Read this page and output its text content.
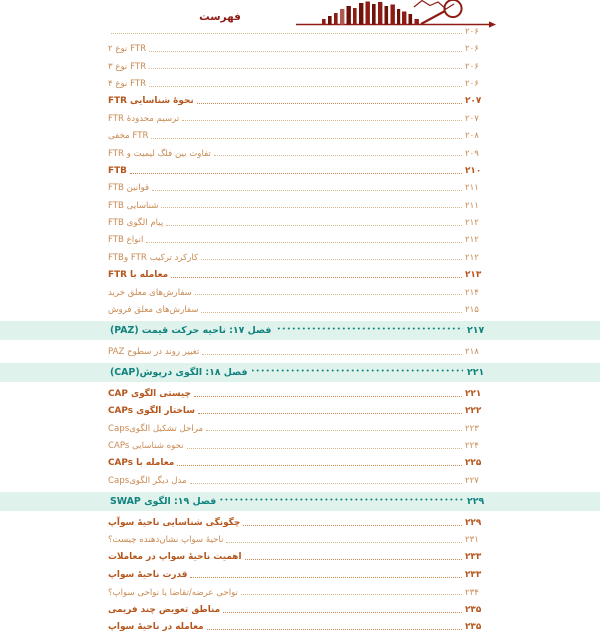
فهرست
۲۰۶
FTR نوع ۲	۲۰۶
FTR نوع ۳	۲۰۶
FTR نوع ۴	۲۰۶
نحوهٔ شناسایی FTR	۲۰۷
ترسیم محدودهٔ FTR	۲۰۷
FTR مخفی	۲۰۸
تفاوت بین فلگ لیمیت و FTR	۲۰۹
FTB	۲۱۰
قوانین FTB	۲۱۱
شناسایی FTB	۲۱۱
پیام الگوی FTB	۲۱۲
انواع FTB	۲۱۲
کارکرد ترکیب FTR وFTB	۲۱۲
معامله با FTR	۲۱۳
سفارش‌های معلق خرید	۲۱۴
سفارش‌های معلق فروش	۲۱۵
فصل ۱۷: ناحیه حرکت قیمت (PAZ)	۲۱۷
تغییر روند در سطوح PAZ	۲۱۸
فصل ۱۸: الگوی درپوش(CAP)	۲۲۱
چیستی الگوی CAP	۲۲۱
ساختار الگوی CAPs	۲۲۲
مراحل تشکیل الگویCaps	۲۲۳
نحوه شناسایی CAPs	۲۲۴
معامله با CAPs	۲۲۵
مدل دیگر الگویCaps	۲۲۷
فصل ۱۹: الگوی SWAP	۲۲۹
چگونگی شناسایی ناحیهٔ سوآپ	۲۲۹
ناحیهٔ سواپ نشان‌دهنده چیست؟	۲۳۱
اهمیت ناحیهٔ سواپ در معاملات	۲۳۳
قدرت ناحیهٔ سواپ	۲۳۳
نواحی عرضه/تقاضا یا نواحی سواپ؟	۲۳۴
مناطق تعویض چند فریمی	۲۳۵
معامله در ناحیهٔ سواپ	۲۳۵
